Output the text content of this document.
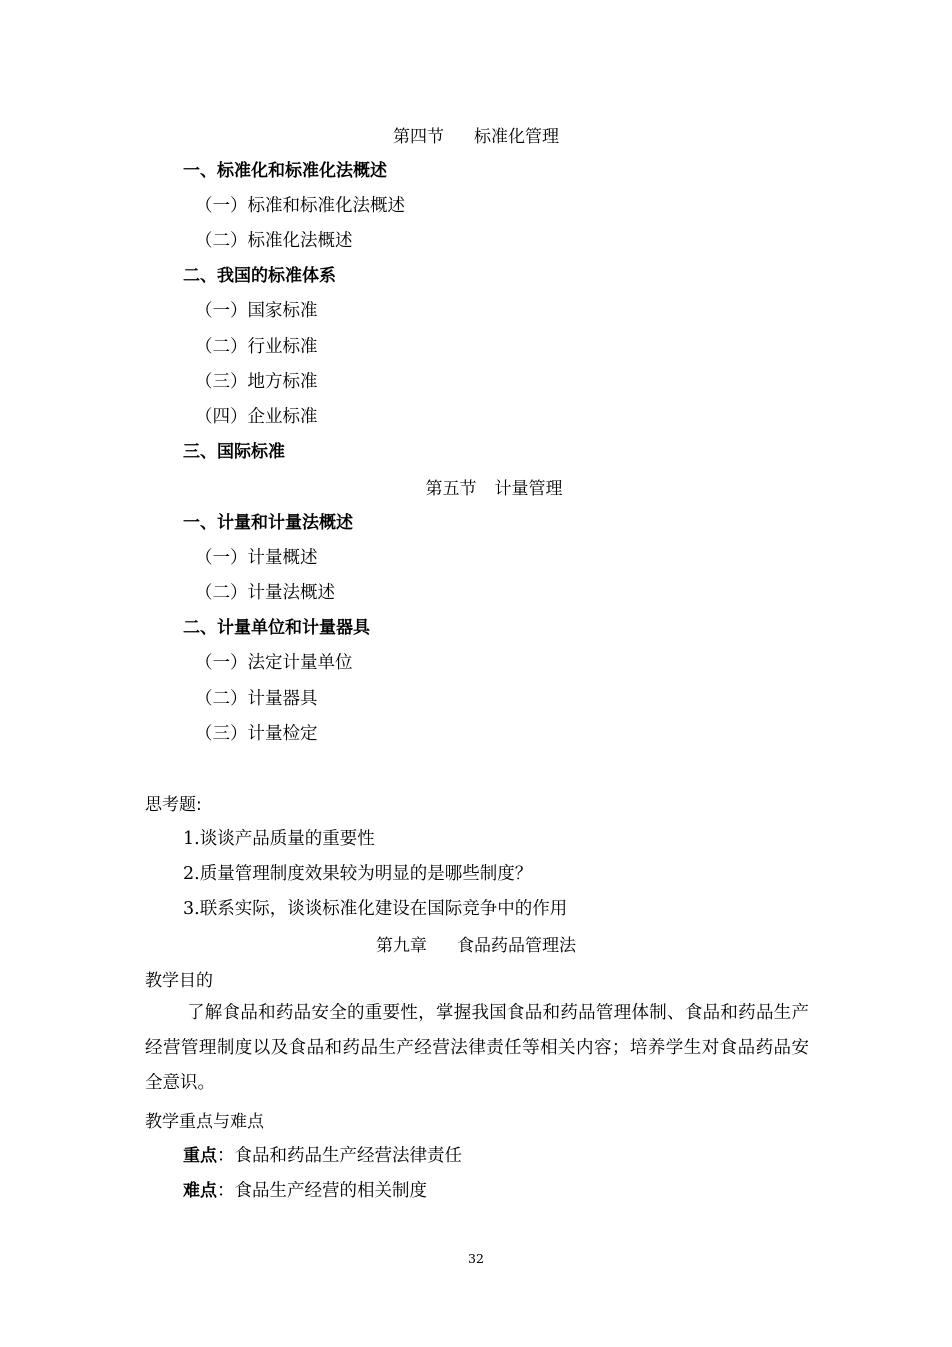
第四节 标准化管理
一、标准化和标准化法概述
（一）标准和标准化法概述
（二）标准化法概述
二、我国的标准体系
（一）国家标准
（二）行业标准
（三）地方标准
（四）企业标准
三、国际标准
第五节 计量管理
一、计量和计量法概述
（一）计量概述
（二）计量法概述
二、计量单位和计量器具
（一）法定计量单位
（二）计量器具
（三）计量检定
思考题:
1.谈谈产品质量的重要性
2.质量管理制度效果较为明显的是哪些制度？
3.联系实际，谈谈标准化建设在国际竞争中的作用
第九章 食品药品管理法
教学目的
了解食品和药品安全的重要性，掌握我国食品和药品管理体制、食品和药品生产经营管理制度以及食品和药品生产经营法律责任等相关内容；培养学生对食品药品安全意识。
教学重点与难点
重点：食品和药品生产经营法律责任
难点：食品生产经营的相关制度
32
